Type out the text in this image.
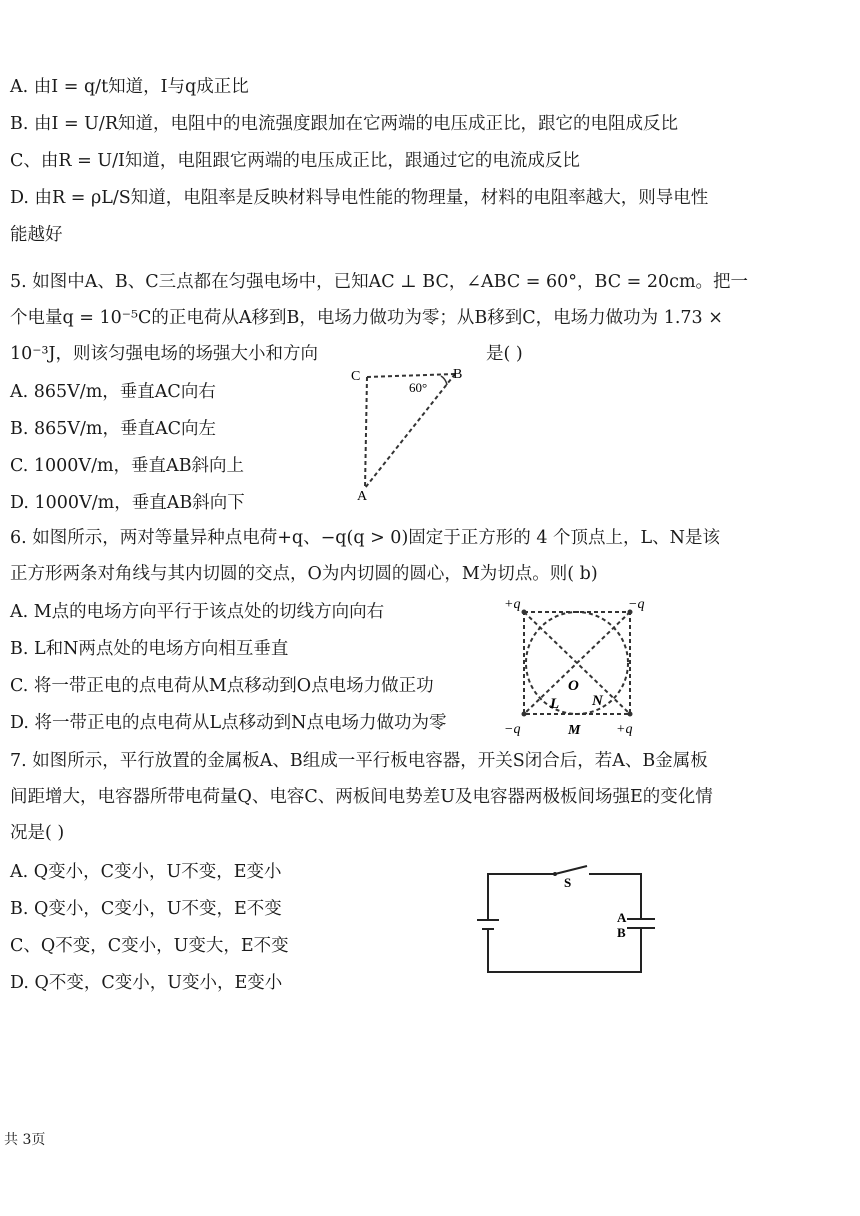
A. 由I = q/t知道，I与q成正比
B. 由I = U/R知道，电阻中的电流强度跟加在它两端的电压成正比，跟它的电阻成反比
C、由R = U/I知道，电阻跟它两端的电压成正比，跟通过它的电流成反比
D. 由R = ρL/S知道，电阻率是反映材料导电性能的物理量，材料的电阻率越大，则导电性
能越好
5. 如图中A、B、C三点都在匀强电场中，已知AC ⊥ BC，∠ABC = 60°，BC = 20cm。把一
个电量q = 10⁻⁵C的正电荷从A移到B，电场力做功为零；从B移到C，电场力做功为 1.73 ×
10⁻³J，则该匀强电场的场强大小和方向	是( )
A. 865V/m，垂直AC向右
B. 865V/m，垂直AC向左
C. 1000V/m，垂直AB斜向上
D. 1000V/m，垂直AB斜向下
C	B
A
60°
6. 如图所示，两对等量异种点电荷+q、−q(q > 0)固定于正方形的 4 个顶点上，L、N是该
正方形两条对角线与其内切圆的交点，O为内切圆的圆心，M为切点。则( b)
A. M点的电场方向平行于该点处的切线方向向右
B. L和N两点处的电场方向相互垂直
C. 将一带正电的点电荷从M点移动到O点电场力做正功
D. 将一带正电的点电荷从L点移动到N点电场力做功为零
+q	−q
−q	+q
O
L N
M
7. 如图所示，平行放置的金属板A、B组成一平行板电容器，开关S闭合后，若A、B金属板
间距增大，电容器所带电荷量Q、电容C、两板间电势差U及电容器两极板间场强E的变化情
况是( )
A. Q变小，C变小，U不变，E变小
B. Q变小，C变小，U不变，E不变
C、Q不变，C变小，U变大，E不变
D. Q不变，C变小，U变小，E变小
S
A
B
共 3页
